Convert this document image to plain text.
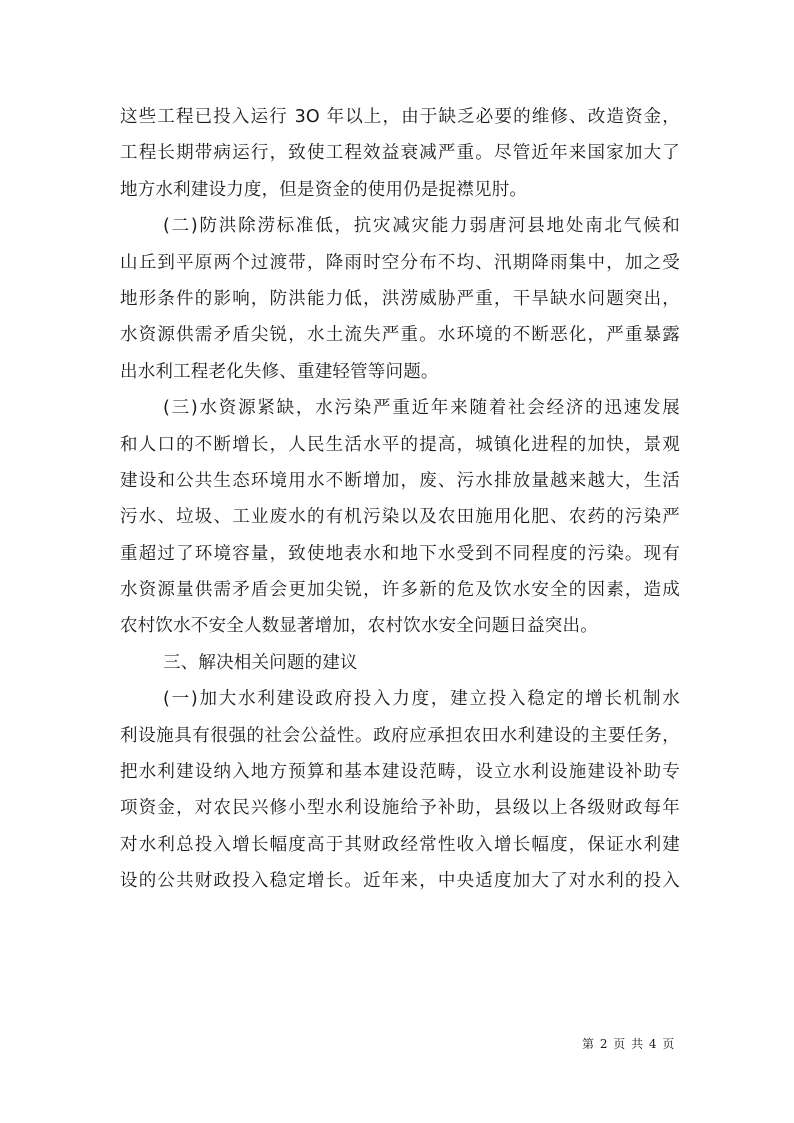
这些工程已投入运行 3O 年以上，由于缺乏必要的维修、改造资金，
工程长期带病运行，致使工程效益衰减严重。尽管近年来国家加大了
地方水利建设力度，但是资金的使用仍是捉襟见肘。
(二)防洪除涝标准低，抗灾减灾能力弱唐河县地处南北气候和
山丘到平原两个过渡带，降雨时空分布不均、汛期降雨集中，加之受
地形条件的影响，防洪能力低，洪涝威胁严重，干旱缺水问题突出，
水资源供需矛盾尖锐，水土流失严重。水环境的不断恶化，严重暴露
出水利工程老化失修、重建轻管等问题。
(三)水资源紧缺，水污染严重近年来随着社会经济的迅速发展
和人口的不断增长，人民生活水平的提高，城镇化进程的加快，景观
建设和公共生态环境用水不断增加，废、污水排放量越来越大，生活
污水、垃圾、工业废水的有机污染以及农田施用化肥、农药的污染严
重超过了环境容量，致使地表水和地下水受到不同程度的污染。现有
水资源量供需矛盾会更加尖锐，许多新的危及饮水安全的因素，造成
农村饮水不安全人数显著增加，农村饮水安全问题日益突出。
三、解决相关问题的建议
(一)加大水利建设政府投入力度，建立投入稳定的增长机制水
利设施具有很强的社会公益性。政府应承担农田水利建设的主要任务，
把水利建设纳入地方预算和基本建设范畴，设立水利设施建设补助专
项资金，对农民兴修小型水利设施给予补助，县级以上各级财政每年
对水利总投入增长幅度高于其财政经常性收入增长幅度，保证水利建
设的公共财政投入稳定增长。近年来，中央适度加大了对水利的投入
第 2 页 共 4 页
